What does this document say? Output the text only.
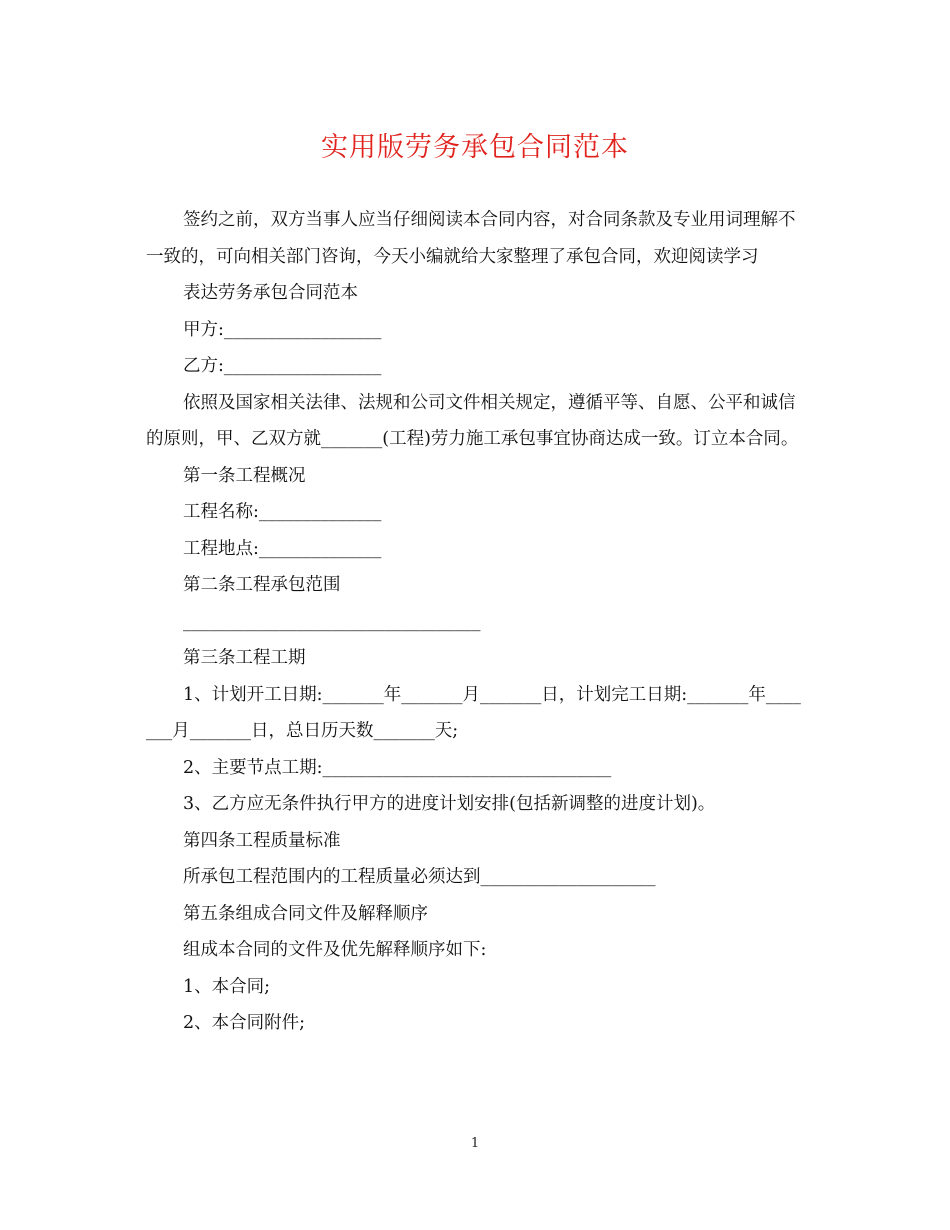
实用版劳务承包合同范本

签约之前，双方当事人应当仔细阅读本合同内容，对合同条款及专业用词理解不一致的，可向相关部门咨询，今天小编就给大家整理了承包合同，欢迎阅读学习

表达劳务承包合同范本

甲方:__________________

乙方:__________________

依照及国家相关法律、法规和公司文件相关规定，遵循平等、自愿、公平和诚信的原则，甲、乙双方就_______(工程)劳力施工承包事宜协商达成一致。订立本合同。

第一条工程概况

工程名称:______________

工程地点:______________

第二条工程承包范围

__________________________________

第三条工程工期

1、计划开工日期:_______年_______月_______日，计划完工日期:_______年_______月_______日，总日历天数_______天;

2、主要节点工期:_________________________________

3、乙方应无条件执行甲方的进度计划安排(包括新调整的进度计划)。

第四条工程质量标准

所承包工程范围内的工程质量必须达到____________________

第五条组成合同文件及解释顺序

组成本合同的文件及优先解释顺序如下:

1、本合同;

2、本合同附件;

1
